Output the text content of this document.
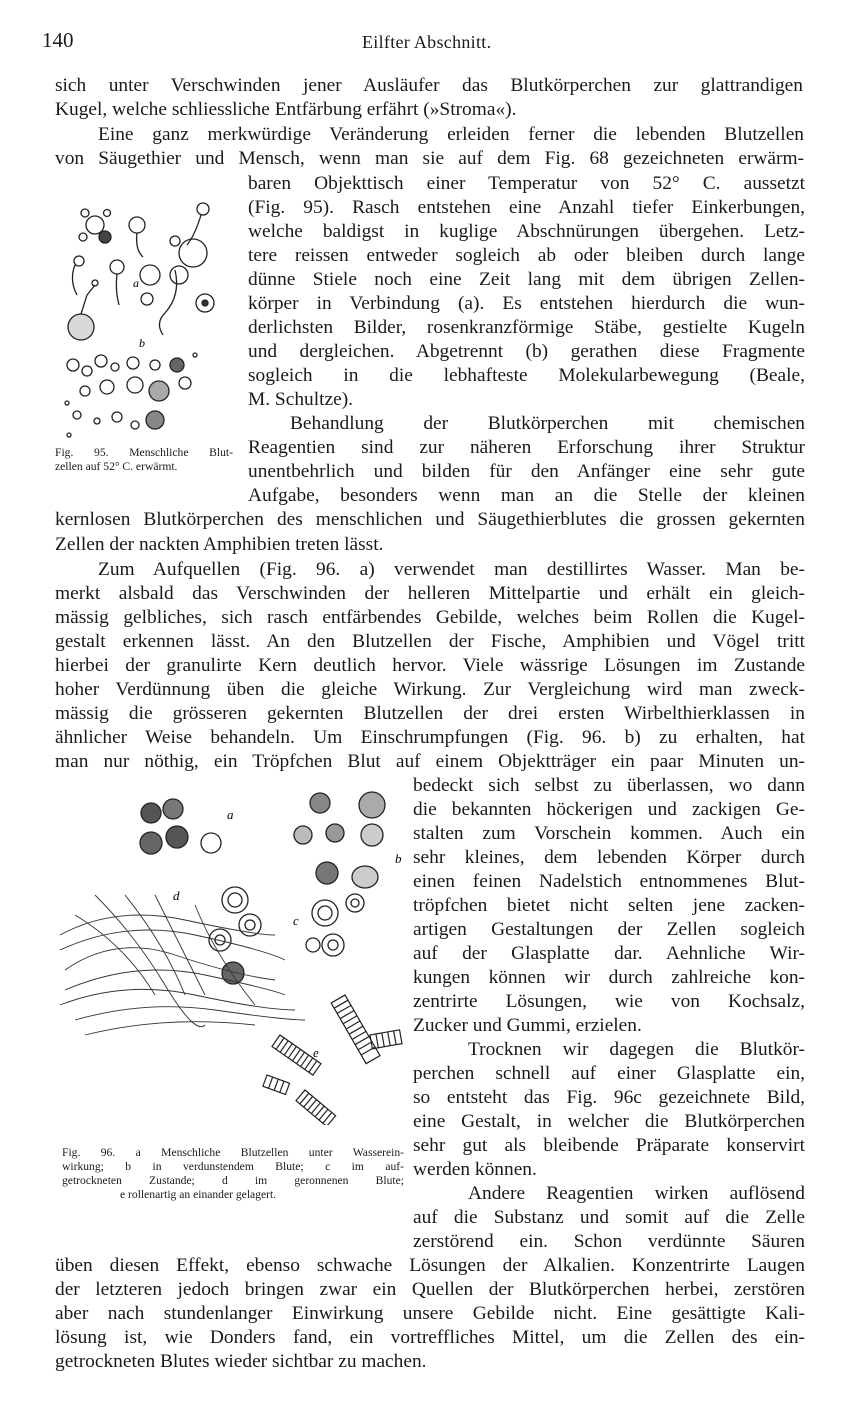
140	Eilfter Abschnitt.
sich unter Verschwinden jener Ausläufer das Blutkörperchen zur glattrandigen
Kugel, welche schliessliche Entfärbung erfährt (»Stroma«).
Eine ganz merkwürdige Veränderung erleiden ferner die lebenden Blutzellen
von Säugethier und Mensch, wenn man sie auf dem Fig. 68 gezeichneten erwärm-
baren Objekttisch einer Temperatur von 52° C. aussetzt
(Fig. 95). Rasch entstehen eine Anzahl tiefer Einkerbungen,
welche baldigst in kuglige Abschnürungen übergehen. Letz-
tere reissen entweder sogleich ab oder bleiben durch lange
dünne Stiele noch eine Zeit lang mit dem übrigen Zellen-
körper in Verbindung (a). Es entstehen hierdurch die wun-
derlichsten Bilder, rosenkranzförmige Stäbe, gestielte Kugeln
und dergleichen. Abgetrennt (b) gerathen diese Fragmente
sogleich in die lebhafteste Molekularbewegung (Beale,
M. Schultze).
Behandlung der Blutkörperchen mit chemischen
Reagentien sind zur näheren Erforschung ihrer Struktur
unentbehrlich und bilden für den Anfänger eine sehr gute
Aufgabe, besonders wenn man an die Stelle der kleinen
kernlosen Blutkörperchen des menschlichen und Säugethierblutes die grossen gekernten
Zellen der nackten Amphibien treten lässt.
Zum Aufquellen (Fig. 96. a) verwendet man destillirtes Wasser. Man be-
merkt alsbald das Verschwinden der helleren Mittelpartie und erhält ein gleich-
mässig gelbliches, sich rasch entfärbendes Gebilde, welches beim Rollen die Kugel-
gestalt erkennen lässt. An den Blutzellen der Fische, Amphibien und Vögel tritt
hierbei der granulirte Kern deutlich hervor. Viele wässrige Lösungen im Zustande
hoher Verdünnung üben die gleiche Wirkung. Zur Vergleichung wird man zweck-
mässig die grösseren gekernten Blutzellen der drei ersten Wirbelthierklassen in
ähnlicher Weise behandeln. Um Einschrumpfungen (Fig. 96. b) zu erhalten, hat
man nur nöthig, ein Tröpfchen Blut auf einem Objektträger ein paar Minuten un-
bedeckt sich selbst zu überlassen, wo dann
die bekannten höckerigen und zackigen Ge-
stalten zum Vorschein kommen. Auch ein
sehr kleines, dem lebenden Körper durch
einen feinen Nadelstich entnommenes Blut-
tröpfchen bietet nicht selten jene zacken-
artigen Gestaltungen der Zellen sogleich
auf der Glasplatte dar. Aehnliche Wir-
kungen können wir durch zahlreiche kon-
zentrirte Lösungen, wie von Kochsalz,
Zucker und Gummi, erzielen.
Trocknen wir dagegen die Blutkör-
perchen schnell auf einer Glasplatte ein,
so entsteht das Fig. 96c gezeichnete Bild,
eine Gestalt, in welcher die Blutkörperchen
sehr gut als bleibende Präparate konservirt
werden können.
Andere Reagentien wirken auflösend
auf die Substanz und somit auf die Zelle
zerstörend ein. Schon verdünnte Säuren
üben diesen Effekt, ebenso schwache Lösungen der Alkalien. Konzentrirte Laugen
der letzteren jedoch bringen zwar ein Quellen der Blutkörperchen herbei, zerstören
aber nach stundenlanger Einwirkung unsere Gebilde nicht. Eine gesättigte Kali-
lösung ist, wie Donders fand, ein vortreffliches Mittel, um die Zellen des ein-
getrockneten Blutes wieder sichtbar zu machen.
a
b
Fig. 95. Menschliche Blut-
zellen auf 52° C. erwärmt.
a
b
c
d
e
Fig. 96. a Menschliche Blutzellen unter Wasserein-
wirkung; b in verdunstendem Blute; c im auf-
getrockneten Zustande; d im geronnenen Blute;
e rollenartig an einander gelagert.
